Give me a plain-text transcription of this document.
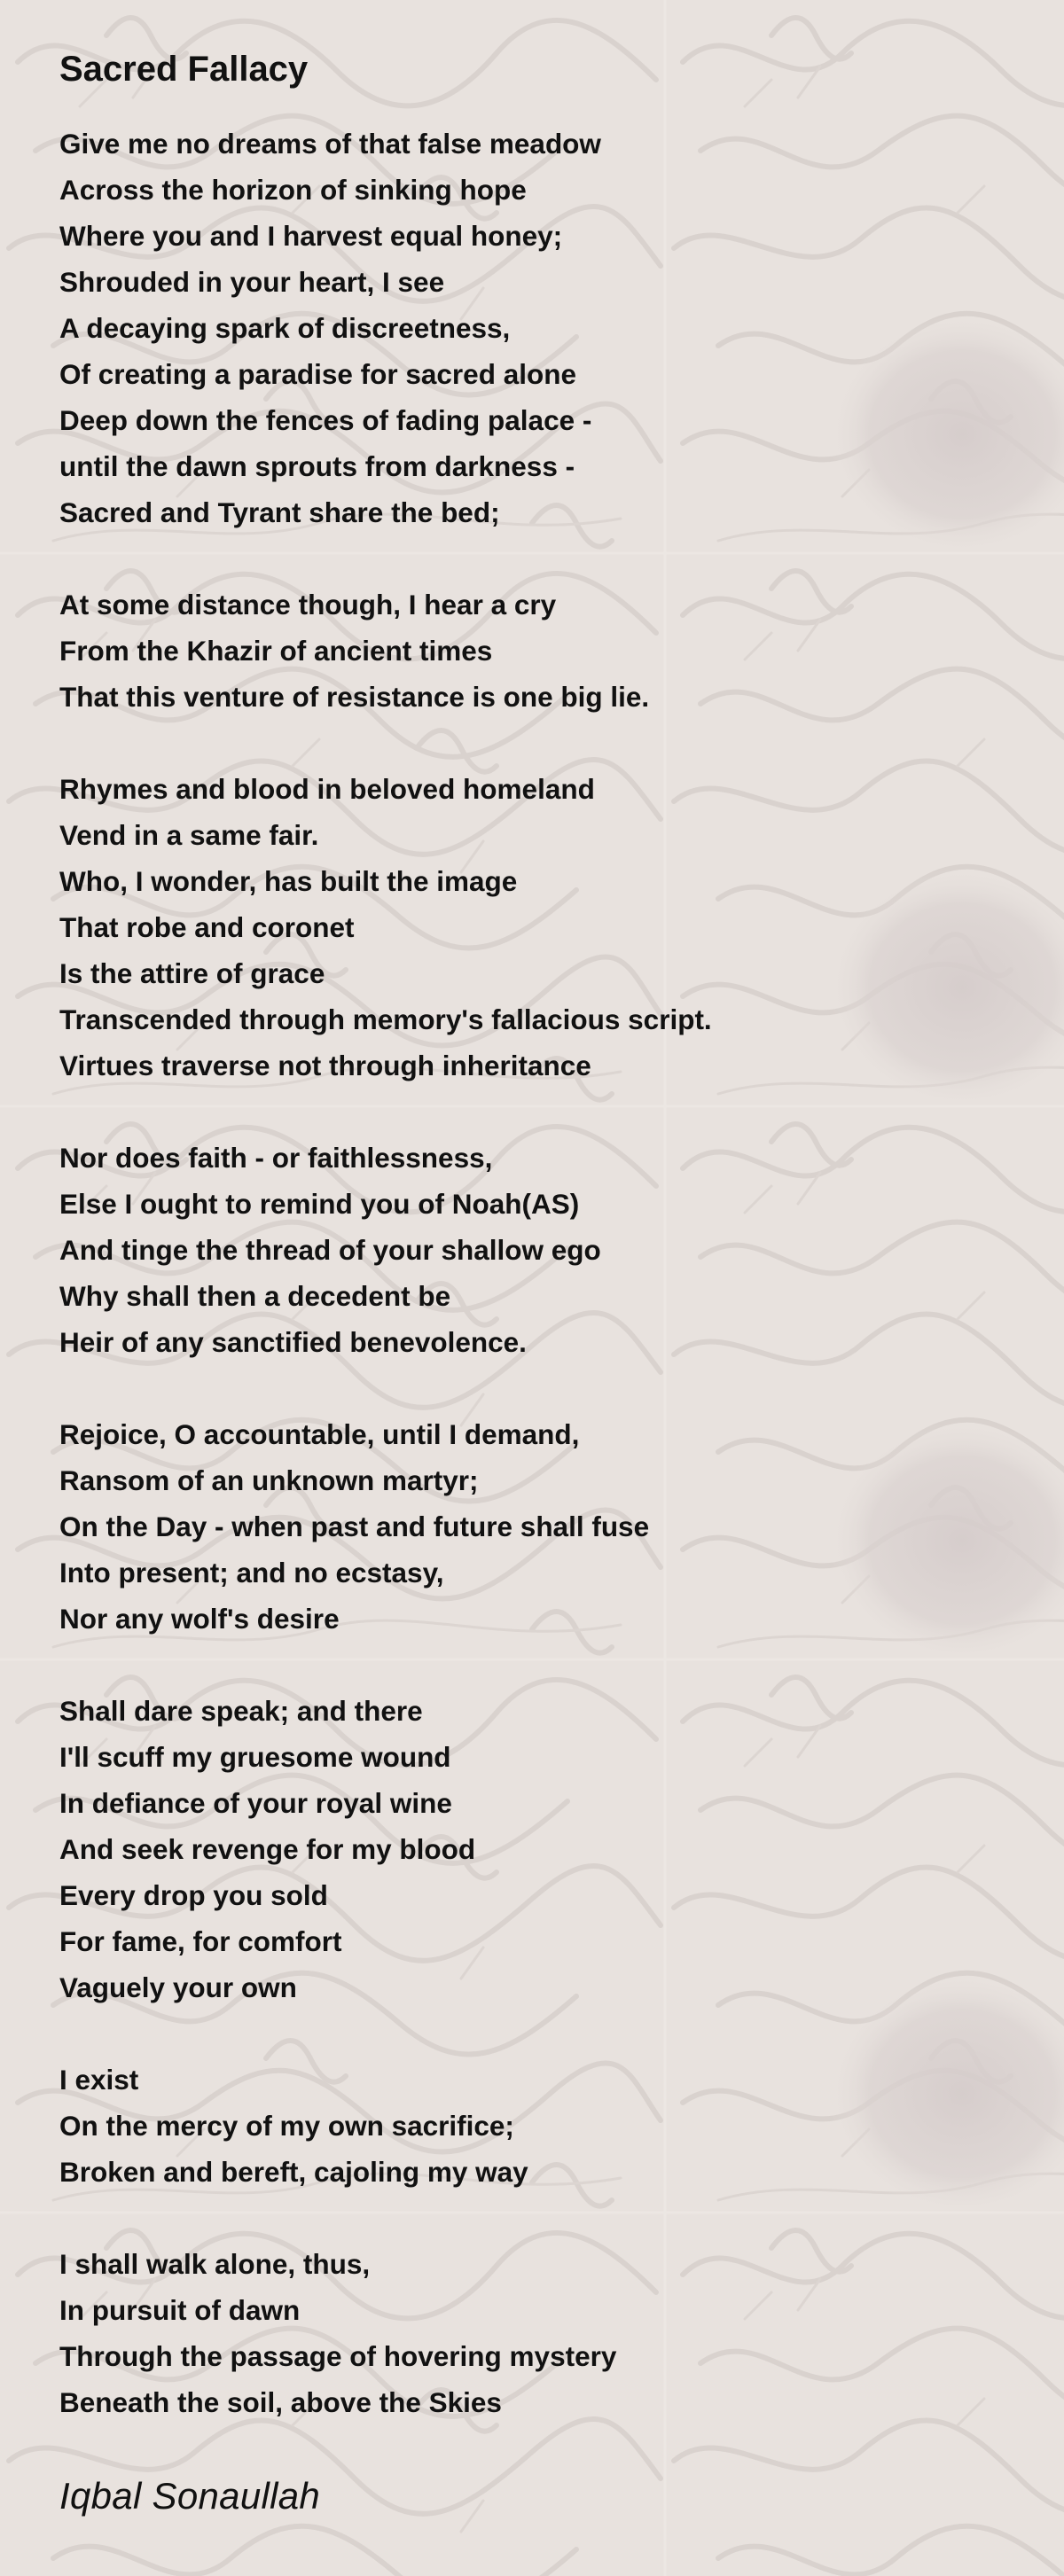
Sacred Fallacy
Give me no dreams of that false meadow
Across the horizon of sinking hope
Where you and I harvest equal honey;
Shrouded in your heart, I see
A decaying spark of discreetness,
Of creating a paradise for sacred alone
Deep down the fences of fading palace -
until the dawn sprouts from darkness -
Sacred and Tyrant share the bed;
At some distance though, I hear a cry
From the Khazir of ancient times
That this venture of resistance is one big lie.
Rhymes and blood in beloved homeland
Vend in a same fair.
Who, I wonder, has built the image
That robe and coronet
Is the attire of grace
Transcended through memory's fallacious script.
Virtues traverse not through inheritance
Nor does faith - or faithlessness,
Else I ought to remind you of Noah(AS)
And tinge the thread of your shallow ego
Why shall then a decedent be
Heir of any sanctified benevolence.
Rejoice, O accountable, until I demand,
Ransom of an unknown martyr;
On the Day - when past and future shall fuse
Into present; and no ecstasy,
Nor any wolf's desire
Shall dare speak; and there
I'll scuff my gruesome wound
In defiance of your royal wine
And seek revenge for my blood
Every drop you sold
For fame, for comfort
Vaguely your own
I exist
On the mercy of my own sacrifice;
Broken and bereft, cajoling my way
I shall walk alone, thus,
In pursuit of dawn
Through the passage of hovering mystery
Beneath the soil, above the Skies
Iqbal Sonaullah
